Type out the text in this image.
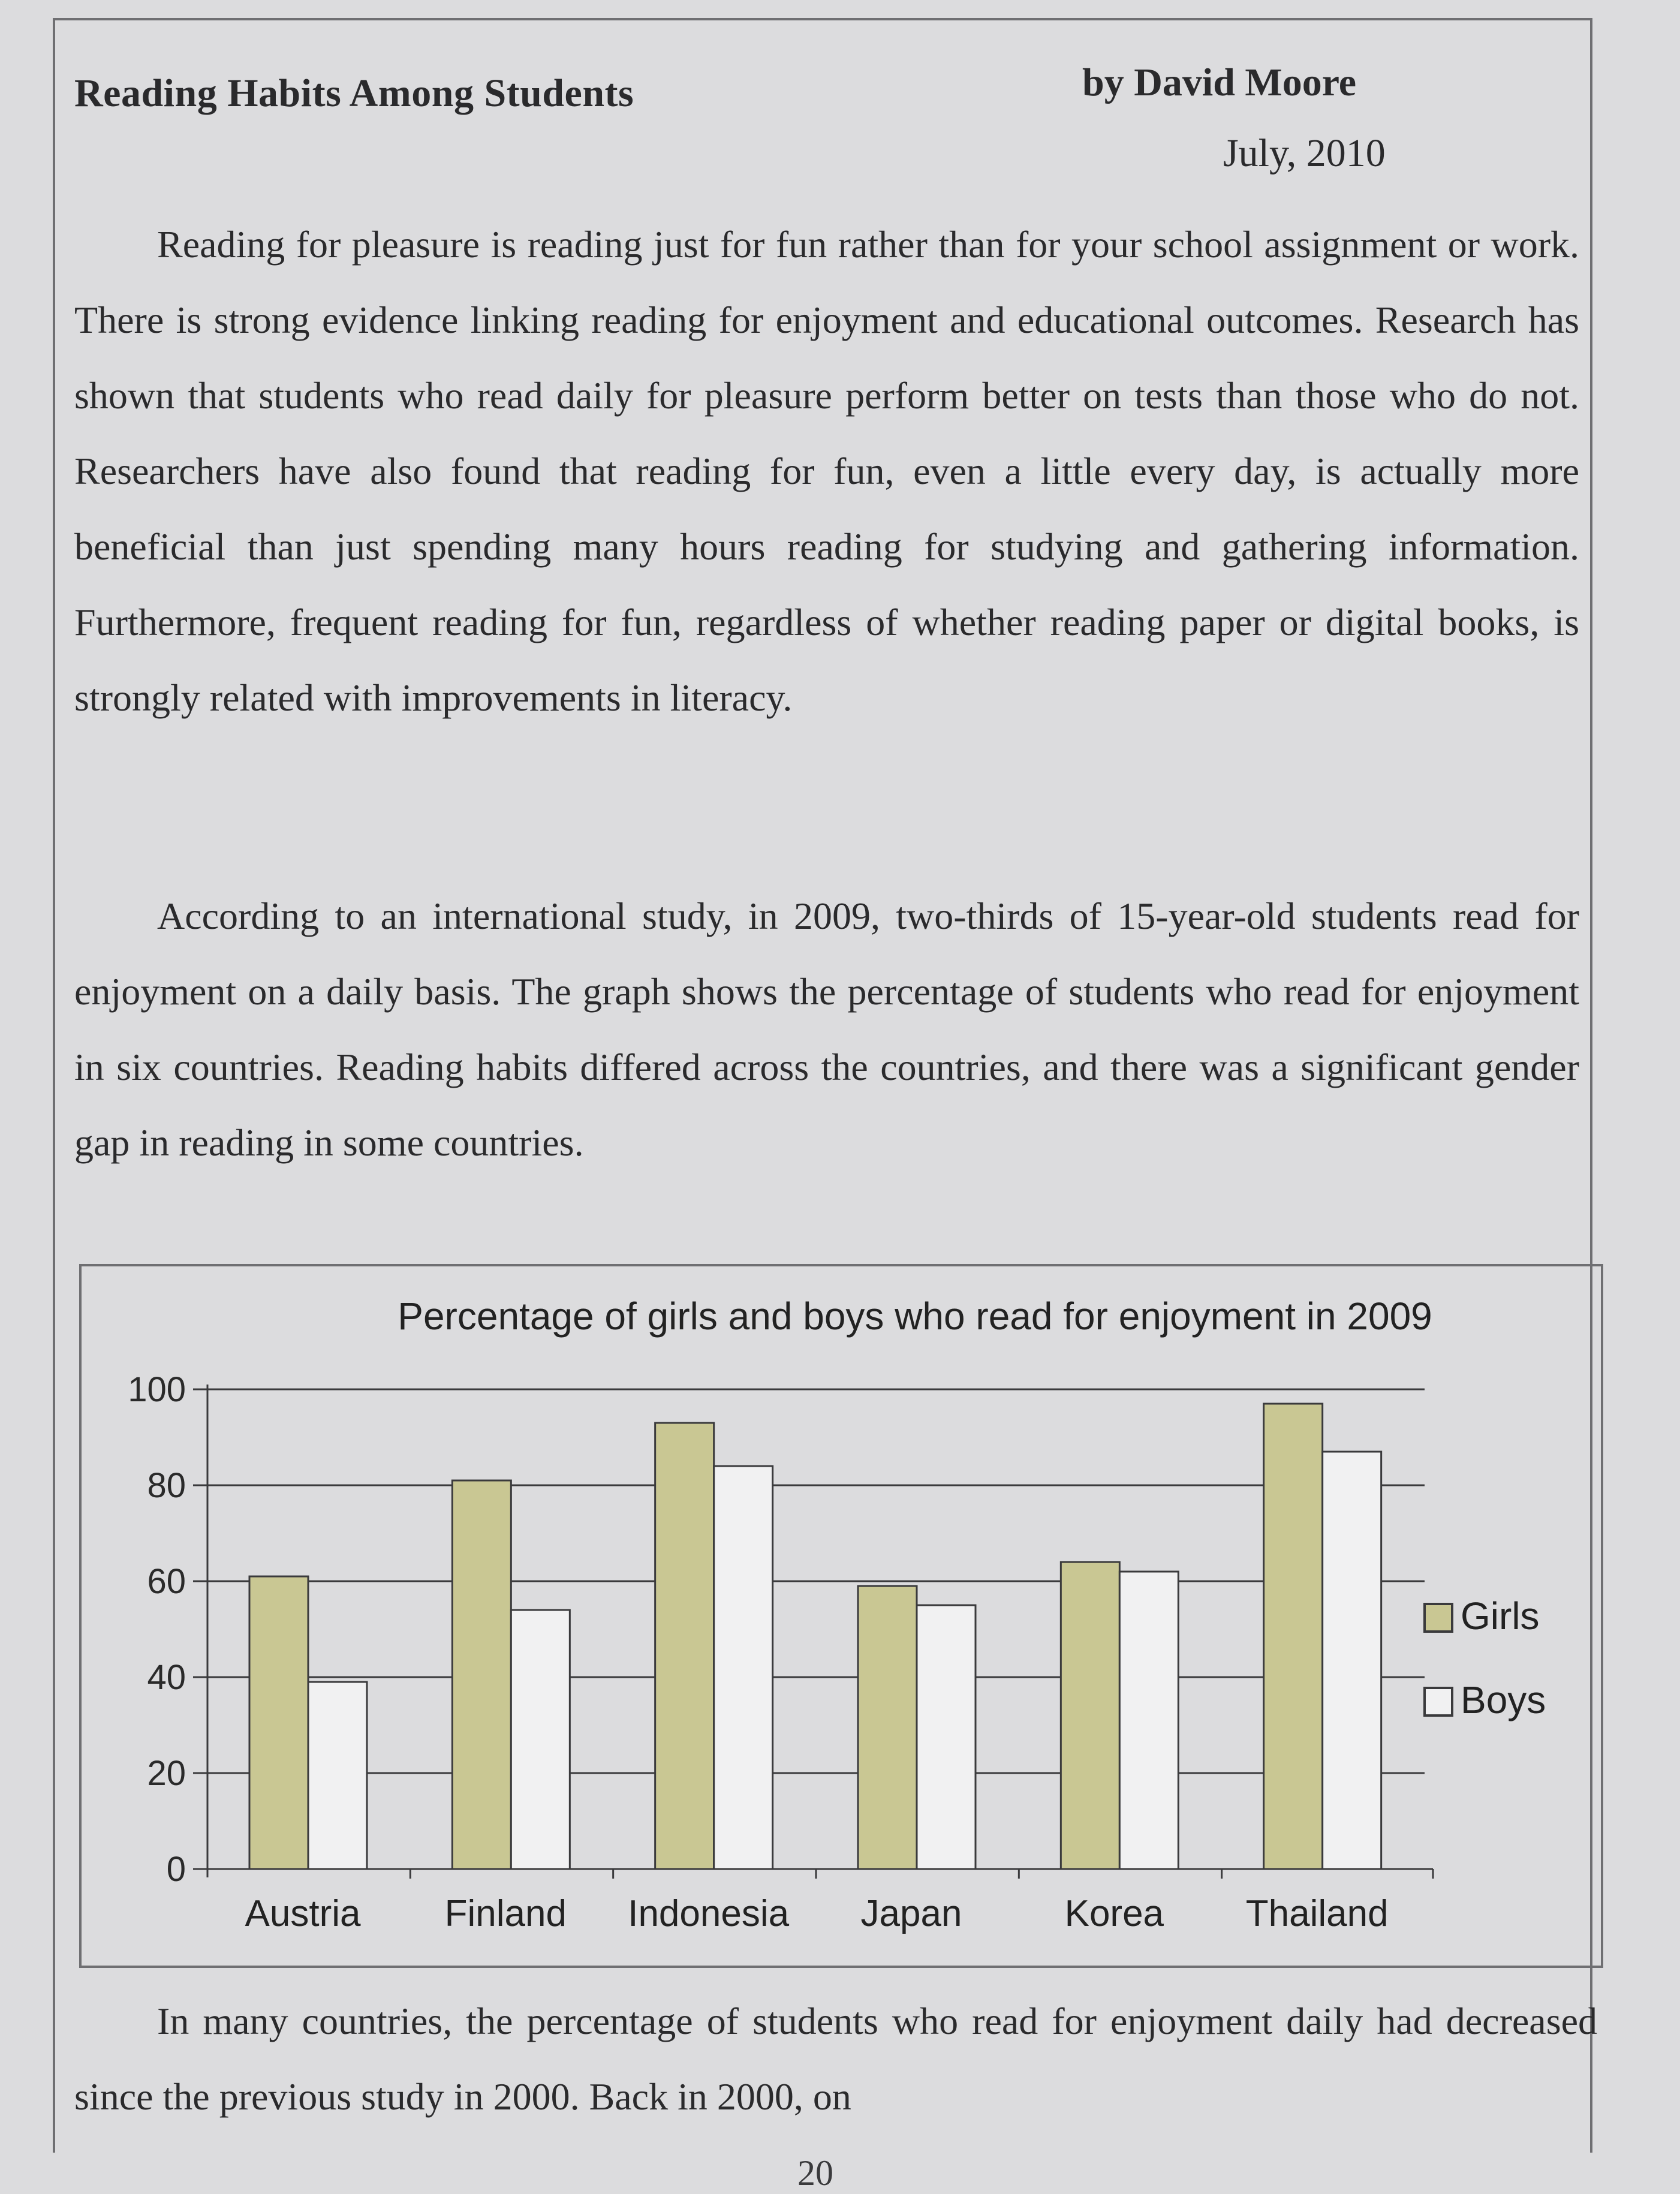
Reading Habits Among Students	by David Moore
July, 2010

Reading for pleasure is reading just for fun rather than for your school assignment or work. There is strong evidence linking reading for enjoyment and educational outcomes. Research has shown that students who read daily for pleasure perform better on tests than those who do not. Researchers have also found that reading for fun, even a little every day, is actually more beneficial than just spending many hours reading for studying and gathering information. Furthermore, frequent reading for fun, regardless of whether reading paper or digital books, is strongly related with improvements in literacy.

According to an international study, in 2009, two-thirds of 15-year-old students read for enjoyment on a daily basis. The graph shows the percentage of students who read for enjoyment in six countries. Reading habits differed across the countries, and there was a significant gender gap in reading in some countries.

Percentage of girls and boys who read for enjoyment in 2009
0
20
40
60
80
100
Austria Finland Indonesia Japan	Korea Thailand
Girls
Boys

In many countries, the percentage of students who read for enjoyment daily had decreased since the previous study in 2000. Back in 2000, on

20
